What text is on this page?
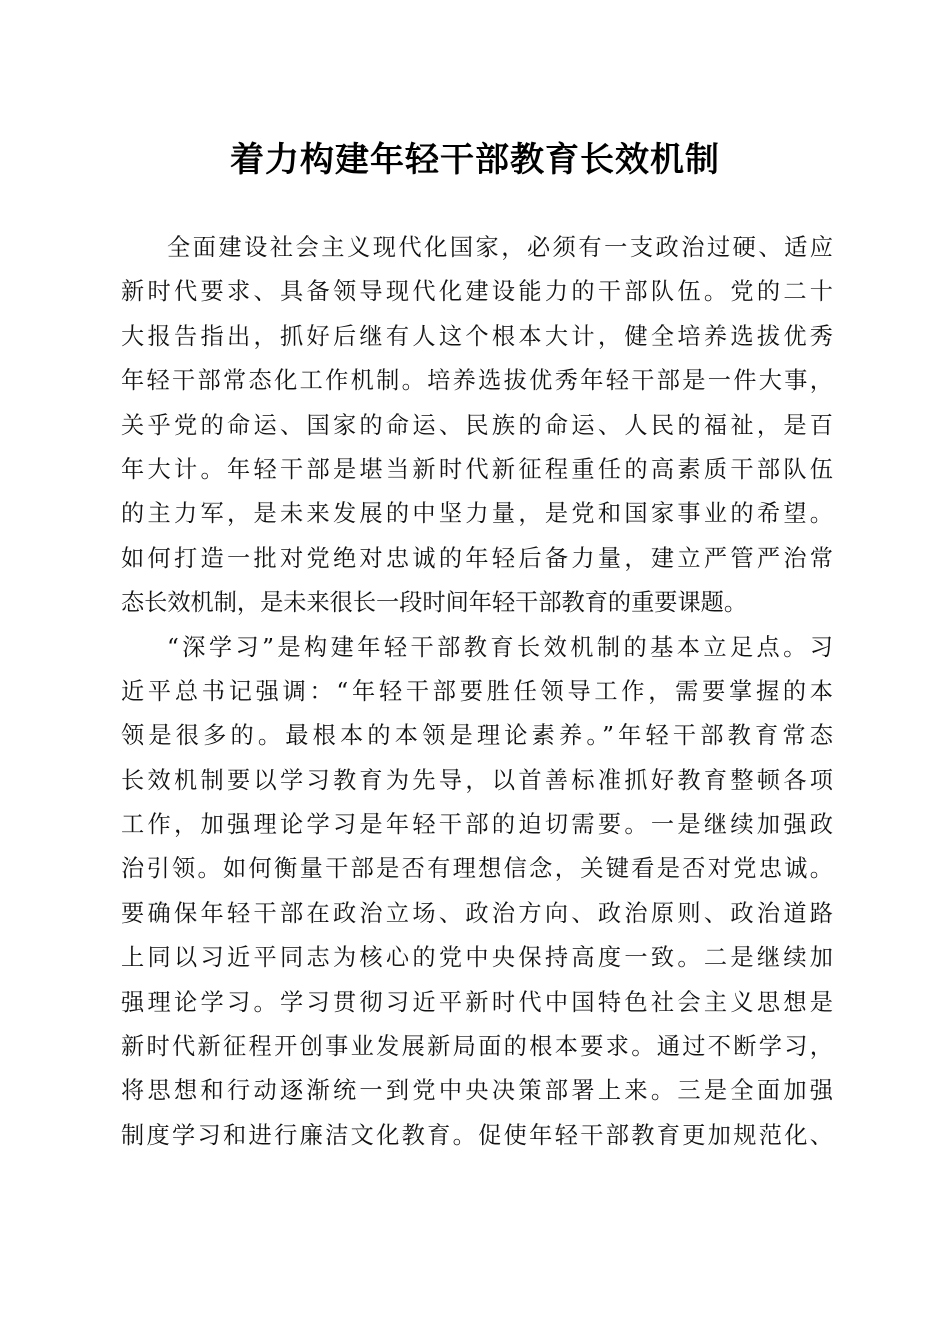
着力构建年轻干部教育长效机制
全面建设社会主义现代化国家，必须有一支政治过硬、适应
新时代要求、具备领导现代化建设能力的干部队伍。党的二十
大报告指出，抓好后继有人这个根本大计，健全培养选拔优秀
年轻干部常态化工作机制。培养选拔优秀年轻干部是一件大事，
关乎党的命运、国家的命运、民族的命运、人民的福祉，是百
年大计。年轻干部是堪当新时代新征程重任的高素质干部队伍
的主力军，是未来发展的中坚力量，是党和国家事业的希望。
如何打造一批对党绝对忠诚的年轻后备力量，建立严管严治常
态长效机制，是未来很长一段时间年轻干部教育的重要课题。
“深学习”是构建年轻干部教育长效机制的基本立足点。习
近平总书记强调：“年轻干部要胜任领导工作，需要掌握的本
领是很多的。最根本的本领是理论素养。”年轻干部教育常态
长效机制要以学习教育为先导，以首善标准抓好教育整顿各项
工作，加强理论学习是年轻干部的迫切需要。一是继续加强政
治引领。如何衡量干部是否有理想信念，关键看是否对党忠诚。
要确保年轻干部在政治立场、政治方向、政治原则、政治道路
上同以习近平同志为核心的党中央保持高度一致。二是继续加
强理论学习。学习贯彻习近平新时代中国特色社会主义思想是
新时代新征程开创事业发展新局面的根本要求。通过不断学习，
将思想和行动逐渐统一到党中央决策部署上来。三是全面加强
制度学习和进行廉洁文化教育。促使年轻干部教育更加规范化、
